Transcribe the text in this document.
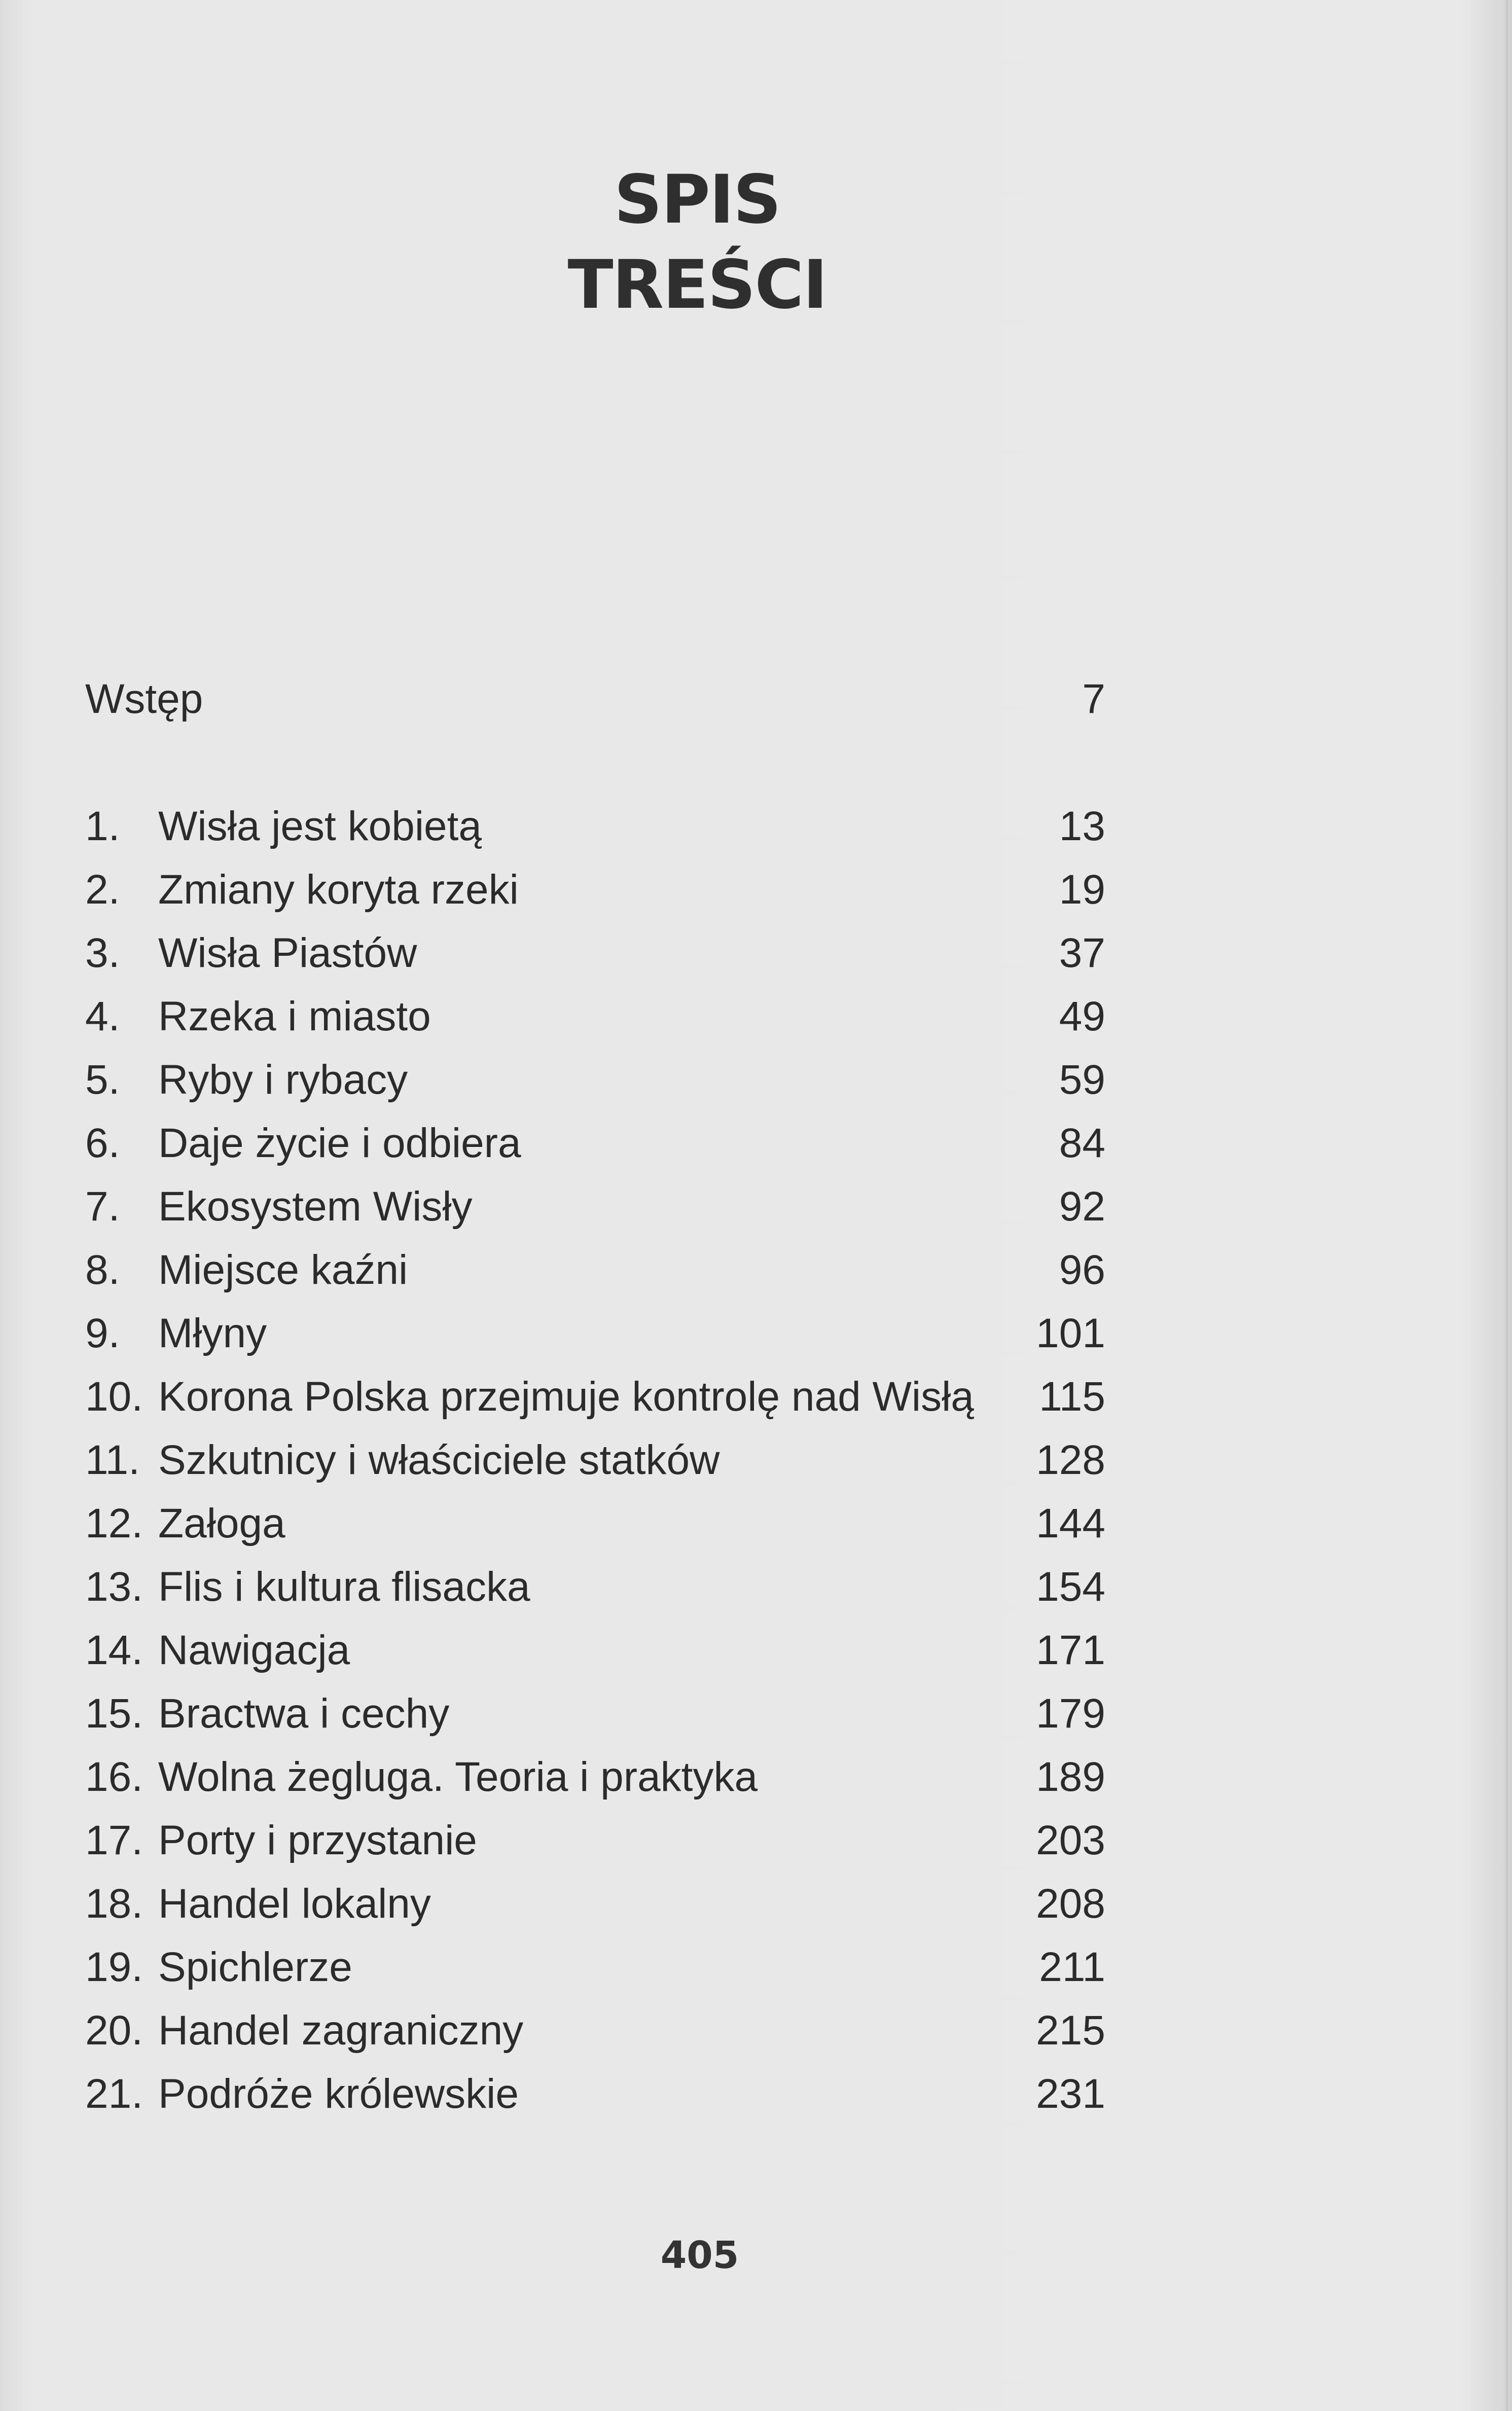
SPIS
TREŚCI
Wstęp	7
1. Wisła jest kobietą	13
2. Zmiany koryta rzeki	19
3. Wisła Piastów	37
4. Rzeka i miasto	49
5. Ryby i rybacy	59
6. Daje życie i odbiera	84
7. Ekosystem Wisły	92
8. Miejsce kaźni	96
9. Młyny	101
10. Korona Polska przejmuje kontrolę nad Wisłą	115
11. Szkutnicy i właściciele statków	128
12. Załoga	144
13. Flis i kultura flisacka	154
14. Nawigacja	171
15. Bractwa i cechy	179
16. Wolna żegluga. Teoria i praktyka	189
17. Porty i przystanie	203
18. Handel lokalny	208
19. Spichlerze	211
20. Handel zagraniczny	215
21. Podróże królewskie	231
405
